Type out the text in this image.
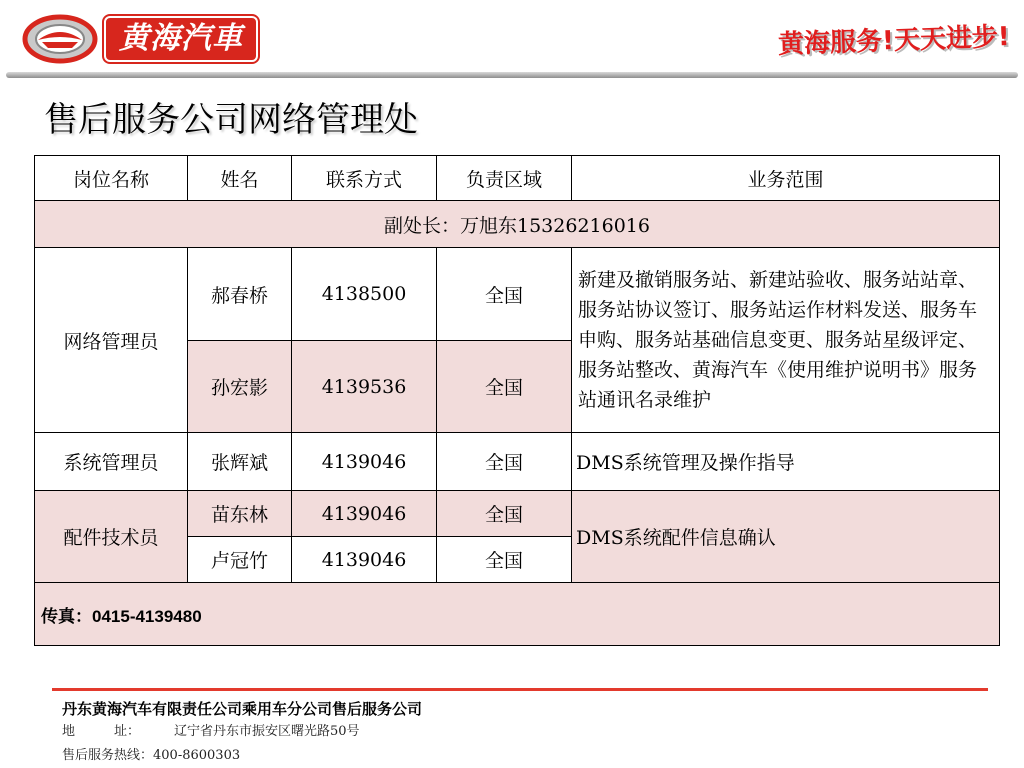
黄海汽車	黄海服务!天天进步!
售后服务公司网络管理处
岗位名称	姓名	联系方式	负责区域	业务范围
副处长：万旭东15326216016				
网络管理员	郝春桥	4138500	全国	新建及撤销服务站、新建站验收、服务站站章、服务站协议签订、服务站运作材料发送、服务车申购、服务站基础信息变更、服务站星级评定、服务站整改、黄海汽车《使用维护说明书》服务站通讯名录维护
	孙宏影	4139536	全国	
系统管理员	张辉斌	4139046	全国	DMS系统管理及操作指导
配件技术员	苗东林	4139046	全国	DMS系统配件信息确认
	卢冠竹	4139046	全国	
传真：0415-4139480				
丹东黄海汽车有限责任公司乘用车分公司售后服务公司
地　　　址：	辽宁省丹东市振安区曙光路50号
售后服务热线：400-8600303
